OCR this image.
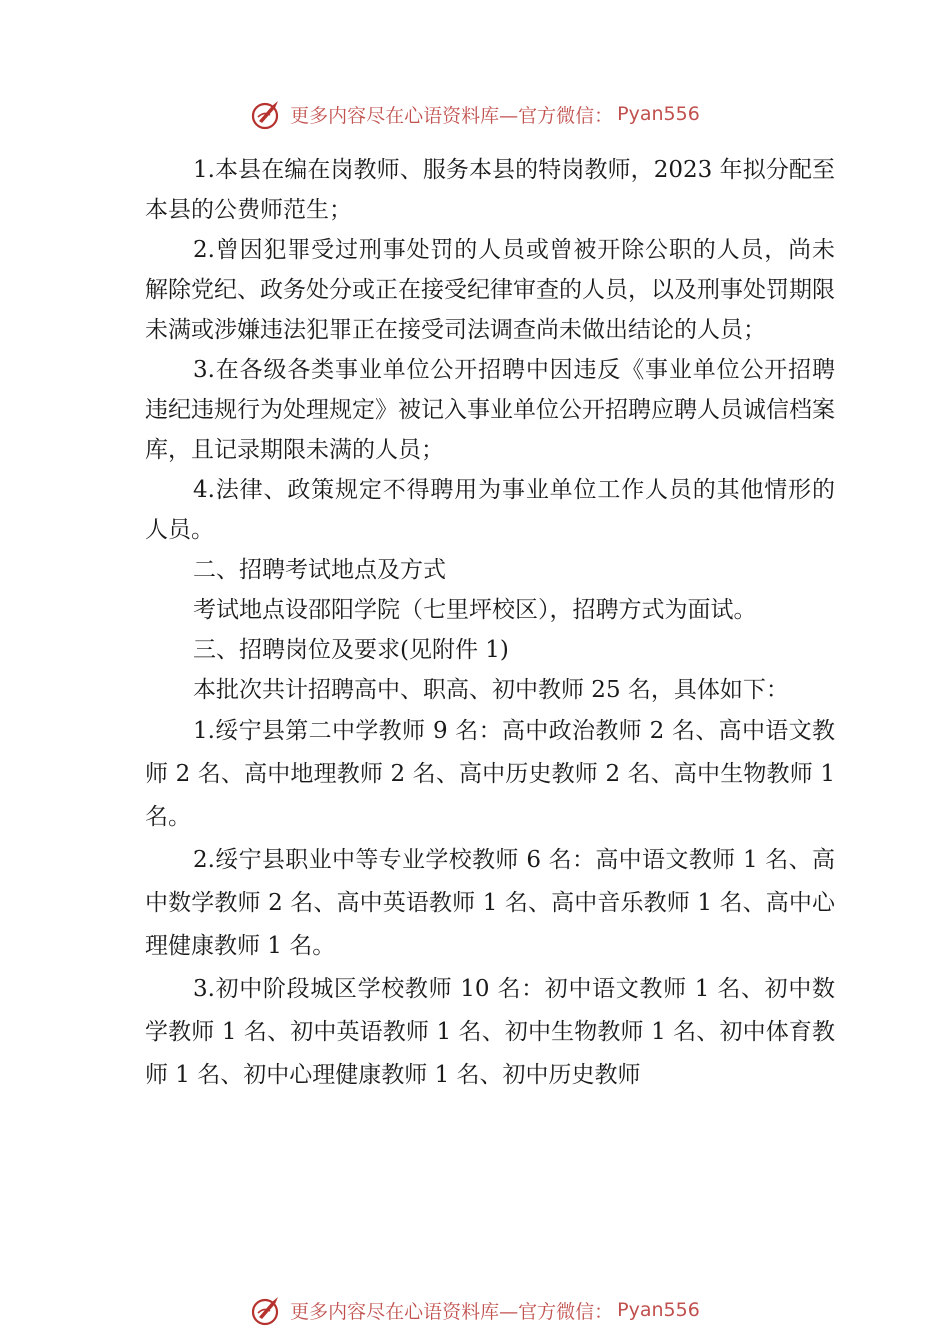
更多内容尽在心语资料库—官方微信： Pyan556

1.本县在编在岗教师、服务本县的特岗教师，2023 年拟分配至本县的公费师范生；

2.曾因犯罪受过刑事处罚的人员或曾被开除公职的人员，尚未解除党纪、政务处分或正在接受纪律审查的人员，以及刑事处罚期限未满或涉嫌违法犯罪正在接受司法调查尚未做出结论的人员；

3.在各级各类事业单位公开招聘中因违反《事业单位公开招聘违纪违规行为处理规定》被记入事业单位公开招聘应聘人员诚信档案库，且记录期限未满的人员；

4.法律、政策规定不得聘用为事业单位工作人员的其他情形的人员。

二、招聘考试地点及方式

考试地点设邵阳学院（七里坪校区），招聘方式为面试。

三、招聘岗位及要求(见附件 1)

本批次共计招聘高中、职高、初中教师 25 名，具体如下：

1.绥宁县第二中学教师 9 名：高中政治教师 2 名、高中语文教师 2 名、高中地理教师 2 名、高中历史教师 2 名、高中生物教师 1 名。

2.绥宁县职业中等专业学校教师 6 名：高中语文教师 1 名、高中数学教师 2 名、高中英语教师 1 名、高中音乐教师 1 名、高中心理健康教师 1 名。

3.初中阶段城区学校教师 10 名：初中语文教师 1 名、初中数学教师 1 名、初中英语教师 1 名、初中生物教师 1 名、初中体育教师 1 名、初中心理健康教师 1 名、初中历史教师

更多内容尽在心语资料库—官方微信： Pyan556
